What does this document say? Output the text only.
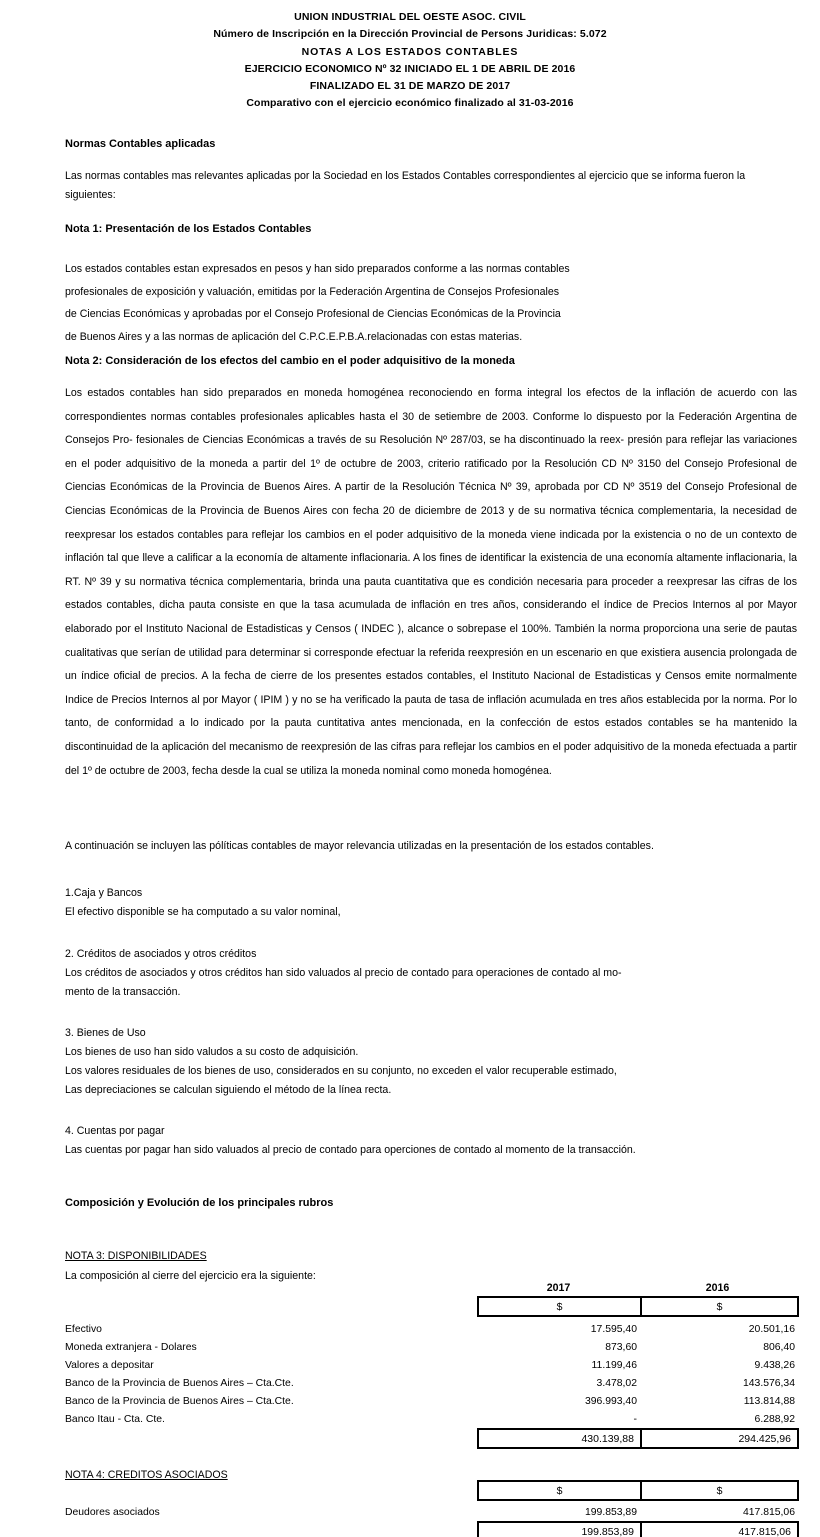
UNION INDUSTRIAL DEL OESTE ASOC. CIVIL
Número de Inscripción en la Dirección Provincial de Persons Juridicas: 5.072
NOTAS A LOS ESTADOS CONTABLES
EJERCICIO ECONOMICO Nº 32 INICIADO EL 1 DE ABRIL DE 2016
FINALIZADO EL 31 DE MARZO DE 2017
Comparativo con el ejercicio económico finalizado al 31-03-2016
Normas Contables aplicadas

Las normas contables mas relevantes aplicadas por la Sociedad en los Estados Contables correspondientes al ejercicio que se informa fueron la siguientes:

Nota 1: Presentación de los Estados Contables

Los estados contables estan expresados en pesos y han sido preparados conforme a las normas contables

profesionales de exposición y valuación, emitidas por la Federación Argentina de Consejos Profesionales

de Ciencias Económicas y aprobadas por el Consejo Profesional de Ciencias Económicas de la Provincia

de Buenos Aires y a las normas de aplicación del C.P.C.E.P.B.A.relacionadas con estas materias.

Nota 2: Consideración de los efectos del cambio en el poder adquisitivo de la moneda

Los estados contables han sido preparados en moneda homogénea reconociendo en forma integral los efectos de la inflación de acuerdo con las correspondientes normas contables profesionales aplicables hasta el 30 de setiembre de 2003. Conforme lo dispuesto por la Federación Argentina de Consejos Pro- fesionales de Ciencias Económicas a través de su Resolución Nº 287/03, se ha discontinuado la reex- presión para reflejar las variaciones en el poder adquisitivo de la moneda a partir del 1º de octubre de 2003, criterio ratificado por la Resolución CD Nº 3150 del Consejo Profesional de Ciencias Económicas de la Provincia de Buenos Aires. A partir de la Resolución Técnica Nº 39, aprobada por CD Nº 3519 del Consejo Profesional de Ciencias Económicas de la Provincia de Buenos Aires con fecha 20 de diciembre de 2013 y de su normativa técnica complementaria, la necesidad de reexpresar los estados contables para reflejar los cambios en el poder adquisitivo de la moneda viene indicada por la existencia o no de un contexto de inflación tal que lleve a calificar a la economía de altamente inflacionaria. A los fines de identificar la existencia de una economía altamente inflacionaria, la RT. Nº 39 y su normativa técnica complementaria, brinda una pauta cuantitativa que es condición necesaria para proceder a reexpresar las cifras de los estados contables, dicha pauta consiste en que la tasa acumulada de inflación en tres años, considerando el índice de Precios Internos al por Mayor elaborado por el Instituto Nacional de Estadisticas y Censos ( INDEC ), alcance o sobrepase el 100%. También la norma proporciona una serie de pautas cualitativas que serían de utilidad para determinar si corresponde efectuar la referida reexpresión en un escenario en que existiera ausencia prolongada de un índice oficial de precios. A la fecha de cierre de los presentes estados contables, el Instituto Nacional de Estadisticas y Censos emite normalmente Indice de Precios Internos al por Mayor ( IPIM ) y no se ha verificado la pauta de tasa de inflación acumulada en tres años establecida por la norma. Por lo tanto, de conformidad a lo indicado por la pauta cuntitativa antes mencionada, en la confección de estos estados contables se ha mantenido la discontinuidad de la aplicación del mecanismo de reexpresión de las cifras para reflejar los cambios en el poder adquisitivo de la moneda efectuada a partir del 1º de octubre de 2003, fecha desde la cual se utiliza la moneda nominal como moneda homogénea.

A continuación se incluyen las pólíticas contables de mayor relevancia utilizadas en la presentación de los estados contables.

1.Caja y Bancos

El efectivo disponible se ha computado a su valor nominal,

2. Créditos de asociados y otros créditos

Los créditos de asociados y otros créditos han sido valuados al precio de contado para operaciones de contado al mo-

mento de la transacción.

3. Bienes de Uso

Los bienes de uso han sido valudos a su costo de adquisición.

Los valores residuales de los bienes de uso, considerados en su conjunto, no exceden el valor recuperable estimado,

Las depreciaciones se calculan siguiendo el método de la línea recta.

4. Cuentas por pagar

Las cuentas por pagar han sido valuados al precio de contado para operciones de contado al momento de la transacción.

Composición y Evolución de los principales rubros

NOTA 3: DISPONIBILIDADES

La composición al cierre del ejercicio era la siguiente:

2017	2016
$	$
Efectivo	17.595,40	20.501,16
Moneda extranjera - Dolares	873,60	806,40
Valores a depositar	11.199,46	9.438,26
Banco de la Provincia de Buenos Aires – Cta.Cte.	3.478,02	143.576,34
Banco de la Provincia de Buenos Aires – Cta.Cte.	396.993,40	113.814,88
Banco Itau - Cta. Cte.	-	6.288,92
430.139,88	294.425,96

NOTA 4: CREDITOS ASOCIADOS

$	$
Deudores asociados	199.853,89	417.815,06
199.853,89	417.815,06
